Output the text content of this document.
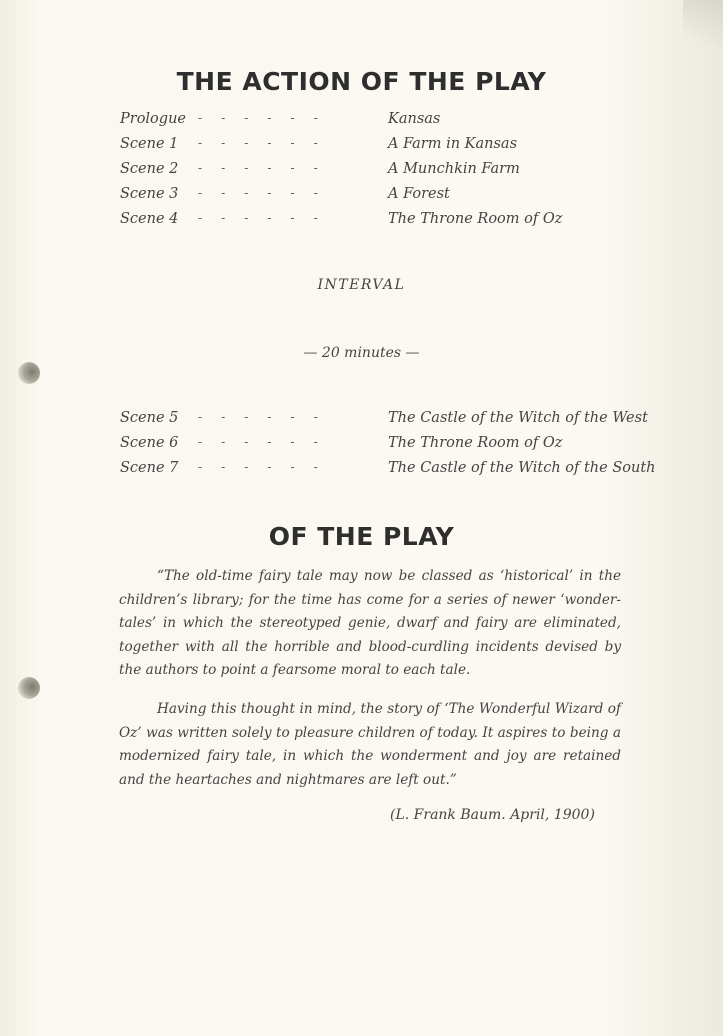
THE ACTION OF THE PLAY
Prologue -     -     -     -     -     -	Kansas
Scene 1 -     -     -     -     -     -	A Farm in Kansas
Scene 2 -     -     -     -     -     -	A Munchkin Farm
Scene 3 -     -     -     -     -     -	A Forest
Scene 4 -     -     -     -     -     -	The Throne Room of Oz
INTERVAL
— 20 minutes —
Scene 5 -     -     -     -     -     -	The Castle of the Witch of the West
Scene 6 -     -     -     -     -     -	The Throne Room of Oz
Scene 7 -     -     -     -     -     -	The Castle of the Witch of the South
OF THE PLAY

“The old-time fairy tale may now be classed as ‘historical’ in the children’s library; for the time has come for a series of newer ‘wonder-tales’ in which the stereotyped genie, dwarf and fairy are eliminated, together with all the horrible and blood-curdling incidents devised by the authors to point a fearsome moral to each tale.

Having this thought in mind, the story of ‘The Wonderful Wizard of Oz’ was written solely to pleasure children of today. It aspires to being a modernized fairy tale, in which the wonderment and joy are retained and the heartaches and nightmares are left out.”

(L. Frank Baum. April, 1900)
